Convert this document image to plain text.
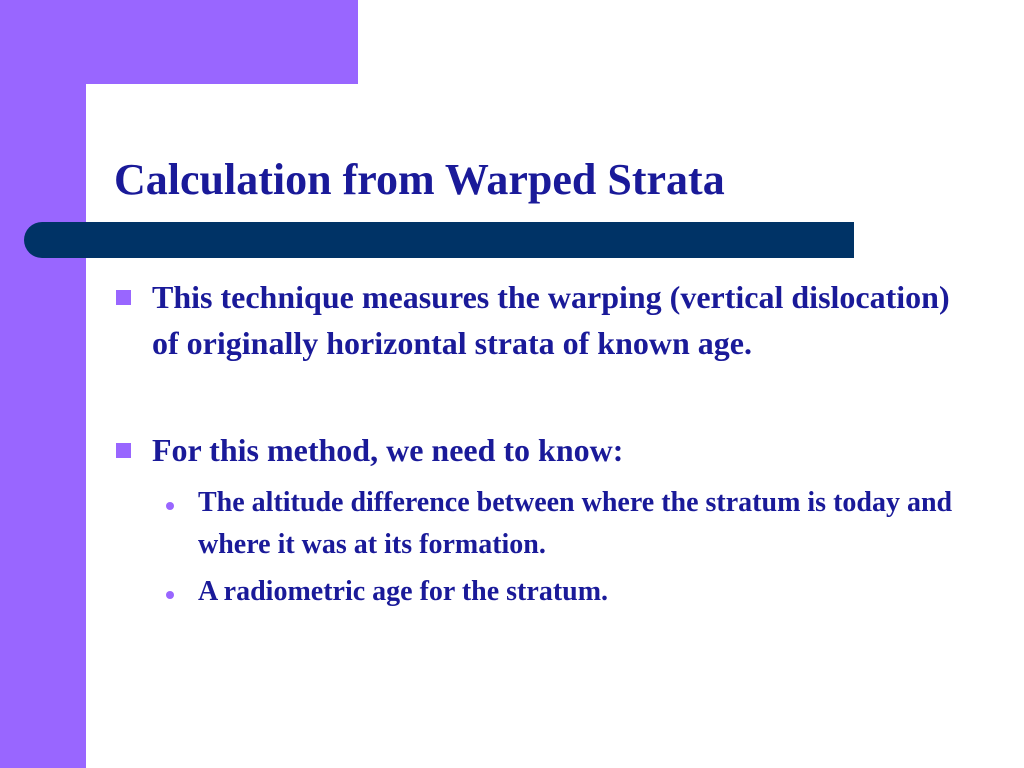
Calculation from Warped Strata
This technique measures the warping (vertical dislocation) of originally horizontal strata of known age.
For this method, we need to know:
The altitude difference between where the stratum is today and where it was at its formation.
A radiometric age for the stratum.
